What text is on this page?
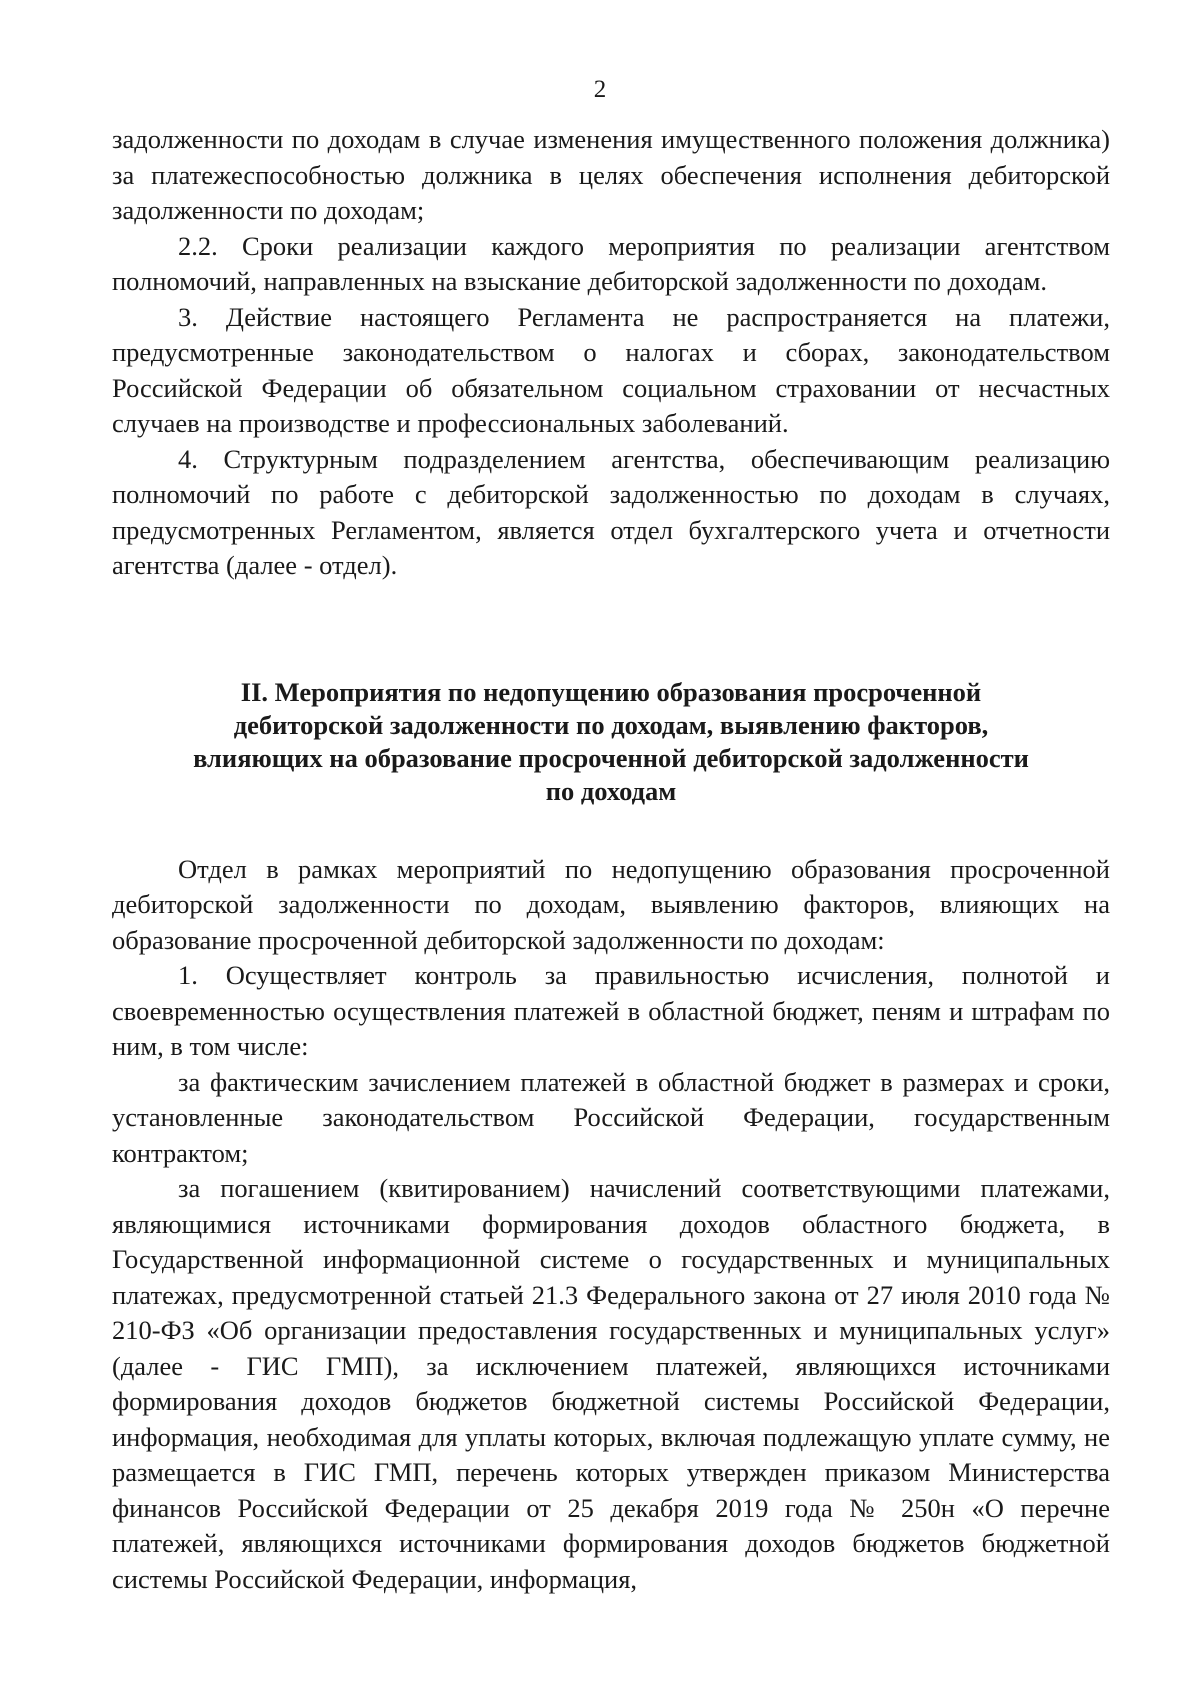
2

задолженности по доходам в случае изменения имущественного положения должника) за платежеспособностью должника в целях обеспечения исполнения дебиторской задолженности по доходам;

2.2. Сроки реализации каждого мероприятия по реализации агентством полномочий, направленных на взыскание дебиторской задолженности по доходам.

3. Действие настоящего Регламента не распространяется на платежи, предусмотренные законодательством о налогах и сборах, законодательством Российской Федерации об обязательном социальном страховании от несчастных случаев на производстве и профессиональных заболеваний.

4. Структурным подразделением агентства, обеспечивающим реализацию полномочий по работе с дебиторской задолженностью по доходам в случаях, предусмотренных Регламентом, является отдел бухгалтерского учета и отчетности агентства (далее - отдел).

II. Мероприятия по недопущению образования просроченной дебиторской задолженности по доходам, выявлению факторов, влияющих на образование просроченной дебиторской задолженности по доходам

Отдел в рамках мероприятий по недопущению образования просроченной дебиторской задолженности по доходам, выявлению факторов, влияющих на образование просроченной дебиторской задолженности по доходам:

1. Осуществляет контроль за правильностью исчисления, полнотой и своевременностью осуществления платежей в областной бюджет, пеням и штрафам по ним, в том числе:

за фактическим зачислением платежей в областной бюджет в размерах и сроки, установленные законодательством Российской Федерации, государственным контрактом;

за погашением (квитированием) начислений соответствующими платежами, являющимися источниками формирования доходов областного бюджета, в Государственной информационной системе о государственных и муниципальных платежах, предусмотренной статьей 21.3 Федерального закона от 27 июля 2010 года № 210-ФЗ «Об организации предоставления государственных и муниципальных услуг» (далее - ГИС ГМП), за исключением платежей, являющихся источниками формирования доходов бюджетов бюджетной системы Российской Федерации, информация, необходимая для уплаты которых, включая подлежащую уплате сумму, не размещается в ГИС ГМП, перечень которых утвержден приказом Министерства финансов Российской Федерации от 25 декабря 2019 года № 250н «О перечне платежей, являющихся источниками формирования доходов бюджетов бюджетной системы Российской Федерации, информация,
